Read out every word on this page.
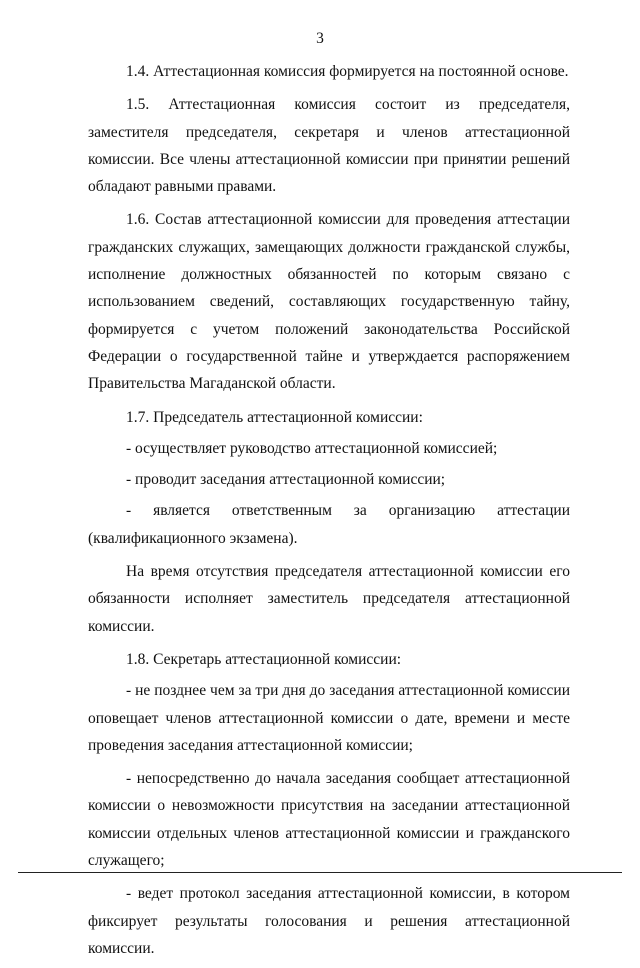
3

1.4. Аттестационная комиссия формируется на постоянной основе.

1.5. Аттестационная комиссия состоит из председателя, заместителя председателя, секретаря и членов аттестационной комиссии. Все члены аттестационной комиссии при принятии решений обладают равными правами.

1.6. Состав аттестационной комиссии для проведения аттестации гражданских служащих, замещающих должности гражданской службы, исполнение должностных обязанностей по которым связано с использованием сведений, составляющих государственную тайну, формируется с учетом положений законодательства Российской Федерации о государственной тайне и утверждается распоряжением Правительства Магаданской области.

1.7. Председатель аттестационной комиссии:

- осуществляет руководство аттестационной комиссией;

- проводит заседания аттестационной комиссии;

- является ответственным за организацию аттестации (квалификационного экзамена).

На время отсутствия председателя аттестационной комиссии его обязанности исполняет заместитель председателя аттестационной комиссии.

1.8. Секретарь аттестационной комиссии:

- не позднее чем за три дня до заседания аттестационной комиссии оповещает членов аттестационной комиссии о дате, времени и месте проведения заседания аттестационной комиссии;

- непосредственно до начала заседания сообщает аттестационной комиссии о невозможности присутствия на заседании аттестационной комиссии отдельных членов аттестационной комиссии и гражданского служащего;

- ведет протокол заседания аттестационной комиссии, в котором фиксирует результаты голосования и решения аттестационной комиссии.
